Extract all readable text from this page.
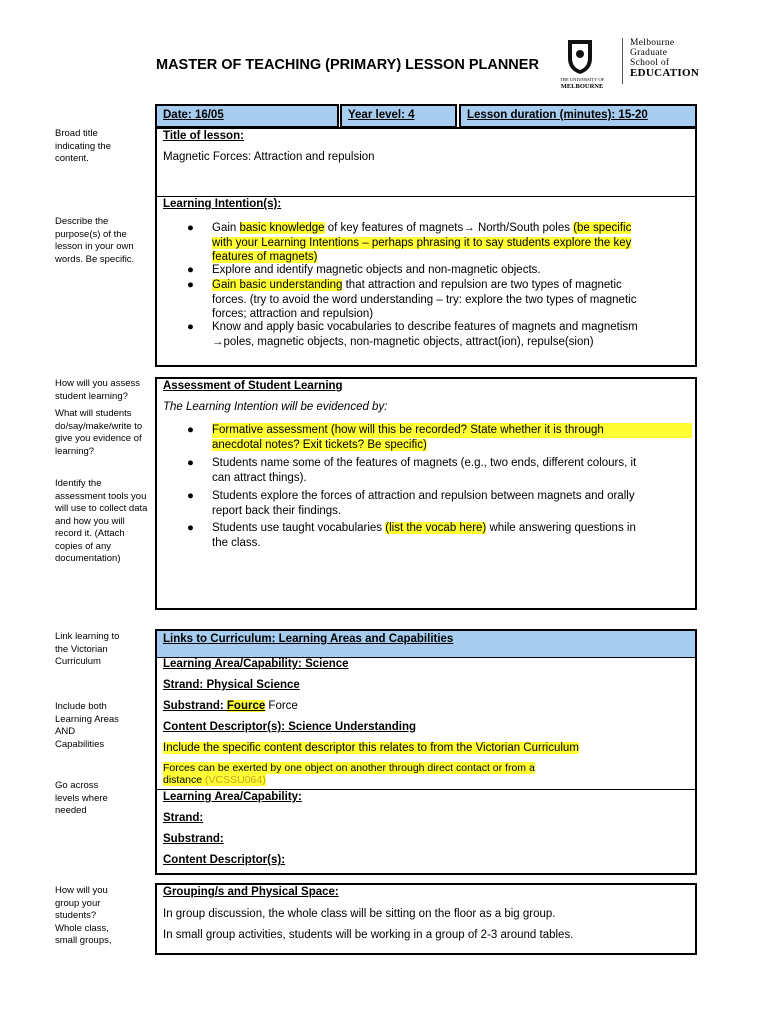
MASTER OF TEACHING (PRIMARY) LESSON PLANNER
THE UNIVERSITY OF
MELBOURNE
Melbourne
Graduate
School of
EDUCATION
Broad title indicating the content.
Describe the purpose(s) of the lesson in your own words. Be specific.
How will you assess student learning?
What will students do/say/make/write to give you evidence of learning?
Identify the assessment tools you will use to collect data and how you will record it. (Attach copies of any documentation)
Link learning to the Victorian Curriculum
Include both Learning Areas AND Capabilities
Go across levels where needed
How will you group your students? Whole class, small groups,
Date: 16/05	Year level: 4	Lesson duration (minutes): 15-20
Title of lesson:
Magnetic Forces: Attraction and repulsion
Learning Intention(s):
● Gain basic knowledge of key features of magnets→ North/South poles (be specific
with your Learning Intentions – perhaps phrasing it to say students explore the key
features of magnets)
● Explore and identify magnetic objects and non-magnetic objects.
● Gain basic understanding that attraction and repulsion are two types of magnetic
forces. (try to avoid the word understanding – try: explore the two types of magnetic
forces; attraction and repulsion)
● Know and apply basic vocabularies to describe features of magnets and magnetism
→poles, magnetic objects, non-magnetic objects, attract(ion), repulse(sion)
Assessment of Student Learning
The Learning Intention will be evidenced by:
● Formative assessment (how will this be recorded? State whether it is through
anecdotal notes? Exit tickets? Be specific)
● Students name some of the features of magnets (e.g., two ends, different colours, it
can attract things).
● Students explore the forces of attraction and repulsion between magnets and orally
report back their findings.
● Students use taught vocabularies (list the vocab here) while answering questions in
the class.
Links to Curriculum: Learning Areas and Capabilities
Learning Area/Capability: Science
Strand: Physical Science
Substrand: Fource Force
Content Descriptor(s): Science Understanding
Include the specific content descriptor this relates to from the Victorian Curriculum
Forces can be exerted by one object on another through direct contact or from a
distance (VCSSU064)
Learning Area/Capability:
Strand:
Substrand:
Content Descriptor(s):
Grouping/s and Physical Space:
In group discussion, the whole class will be sitting on the floor as a big group.
In small group activities, students will be working in a group of 2-3 around tables.
